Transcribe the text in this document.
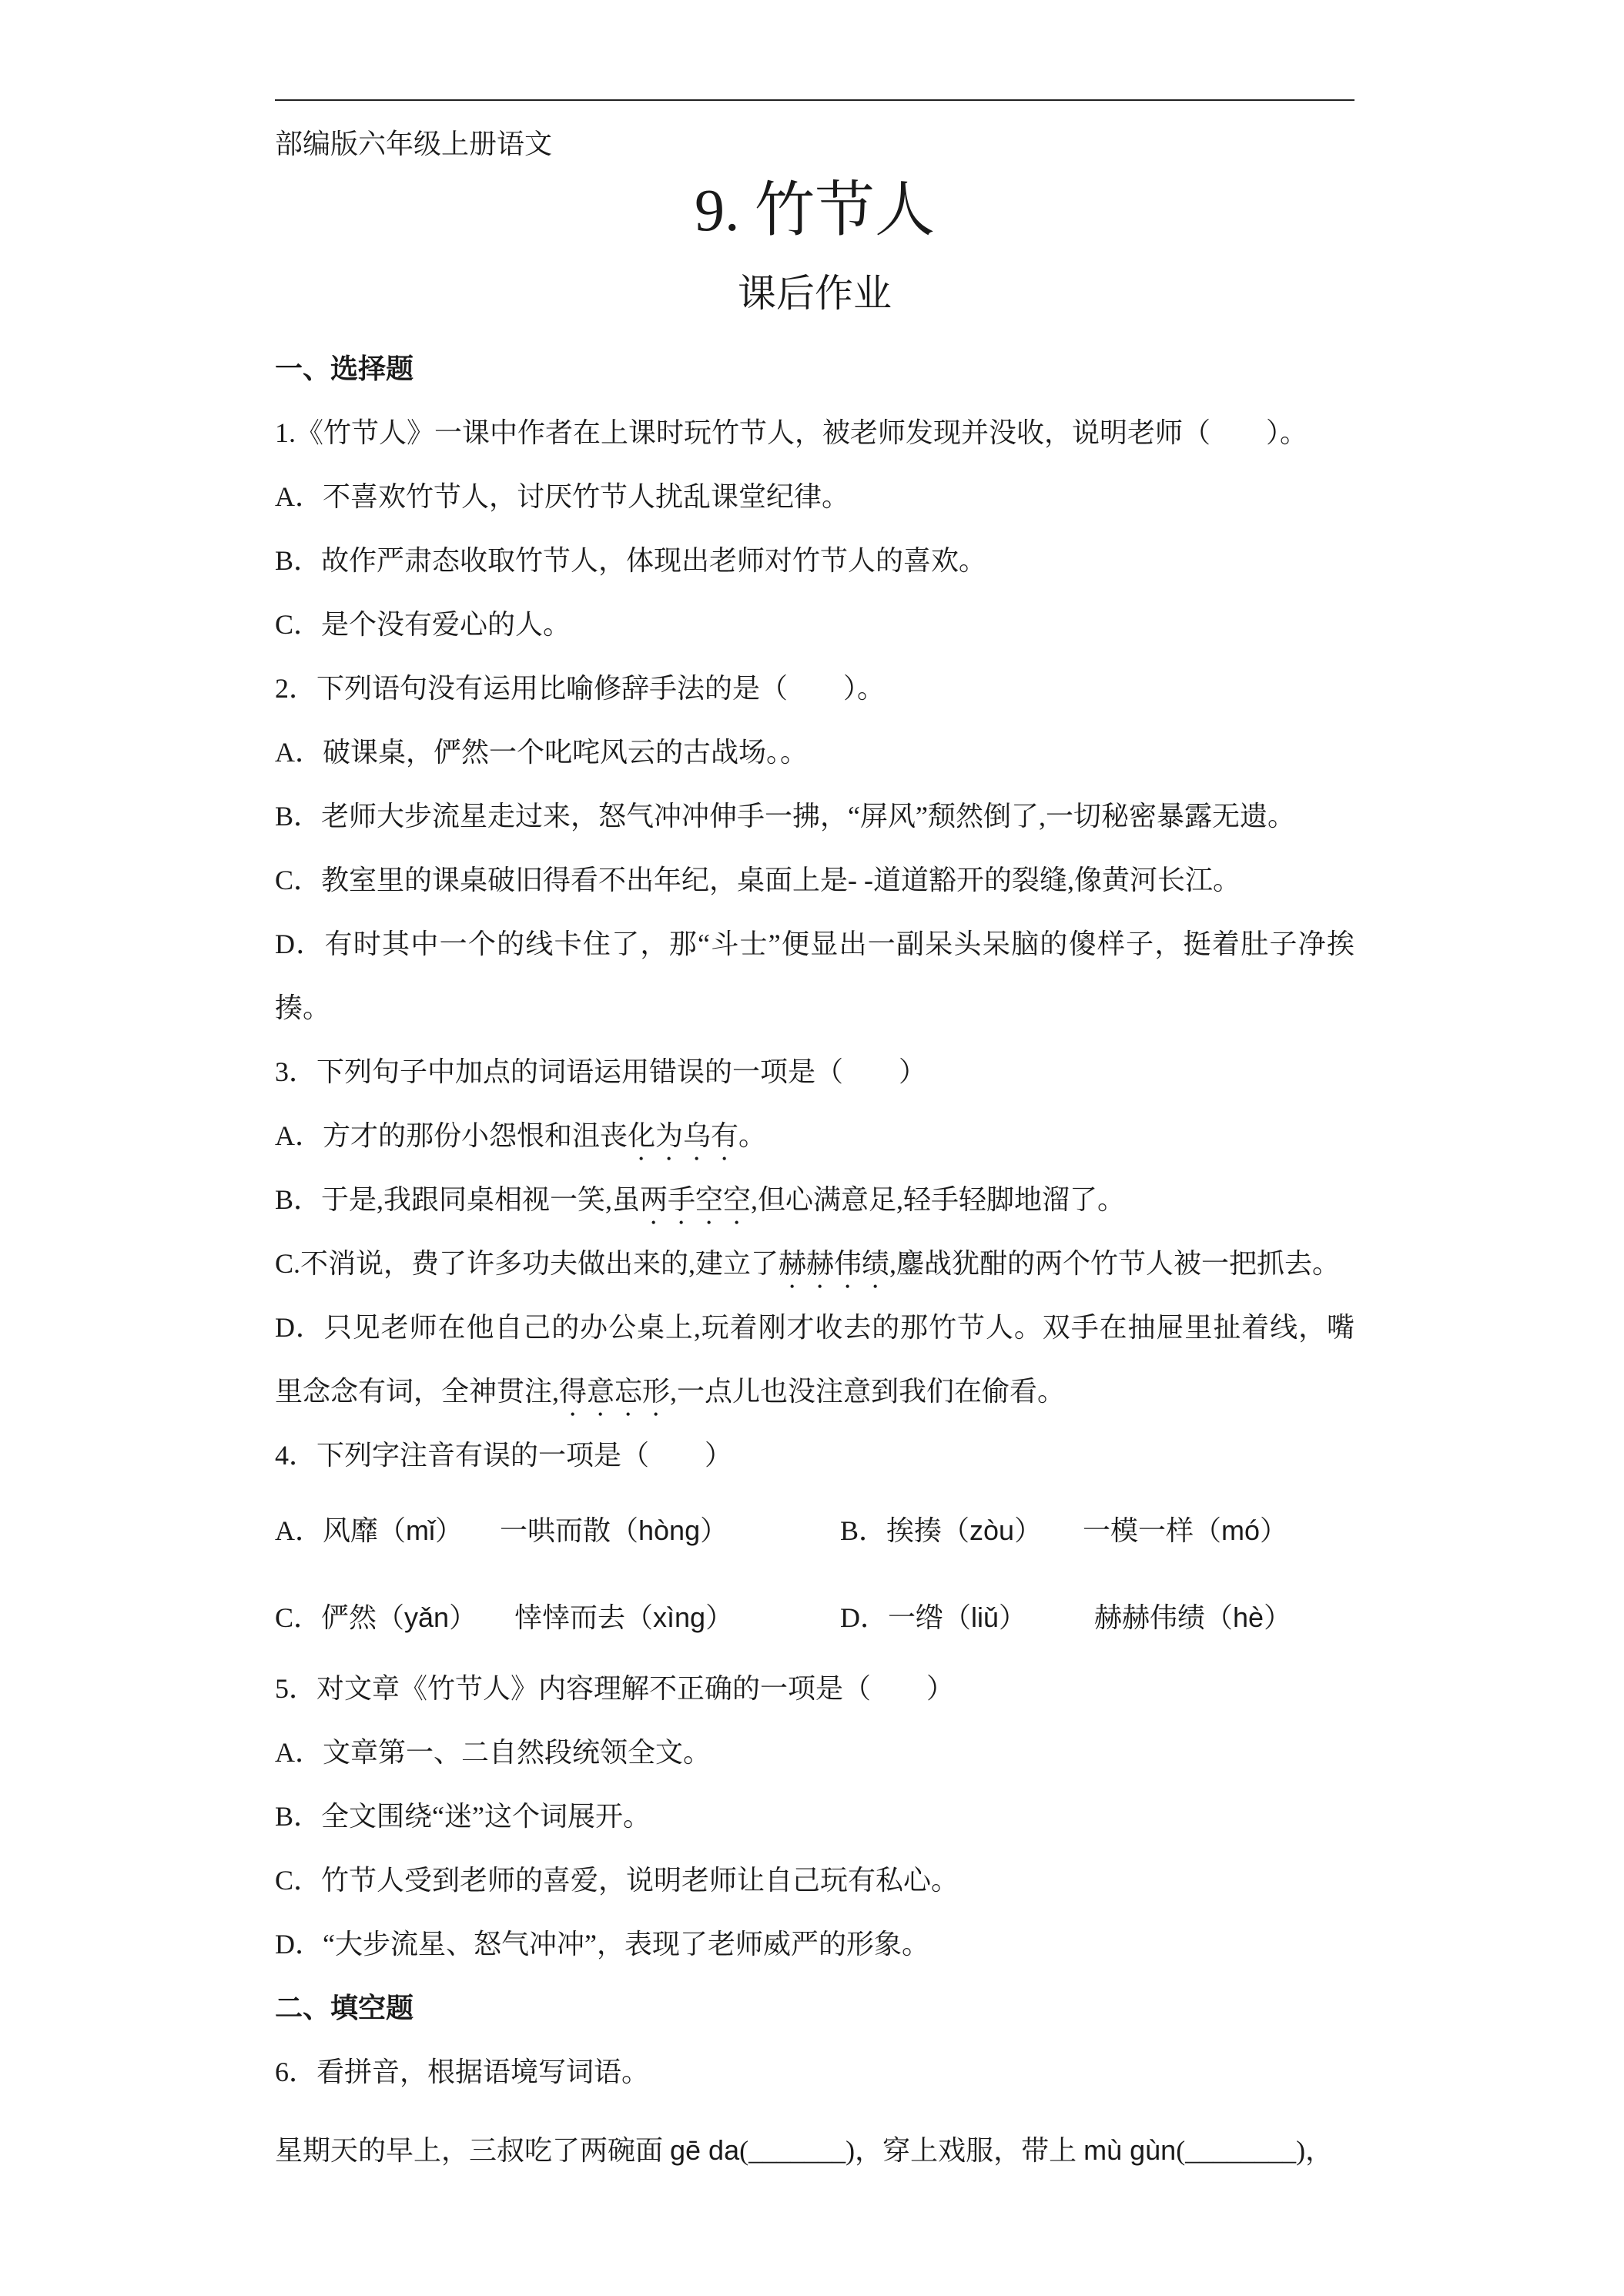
部编版六年级上册语文
9. 竹节人
课后作业
一、选择题
1.《竹节人》一课中作者在上课时玩竹节人，被老师发现并没收，说明老师（　　）。
A．不喜欢竹节人，讨厌竹节人扰乱课堂纪律。
B．故作严肃态收取竹节人，体现出老师对竹节人的喜欢。
C．是个没有爱心的人。
2．下列语句没有运用比喻修辞手法的是（　　）。
A．破课桌，俨然一个叱咤风云的古战场。。
B．老师大步流星走过来，怒气冲冲伸手一拂，“屏风”颓然倒了,一切秘密暴露无遗。
C．教室里的课桌破旧得看不出年纪，桌面上是- -道道豁开的裂缝,像黄河长江。
D．有时其中一个的线卡住了，那“斗士”便显出一副呆头呆脑的傻样子，挺着肚子净挨
揍。
3．下列句子中加点的词语运用错误的一项是（　　）
A．方才的那份小怨恨和沮丧化为乌有。
B．于是,我跟同桌相视一笑,虽两手空空,但心满意足,轻手轻脚地溜了。
C.不消说，费了许多功夫做出来的,建立了赫赫伟绩,鏖战犹酣的两个竹节人被一把抓去。
D．只见老师在他自己的办公桌上,玩着刚才收去的那竹节人。双手在抽屉里扯着线，嘴
里念念有词，全神贯注,得意忘形,一点儿也没注意到我们在偷看。
4．下列字注音有误的一项是（　　）
A．风靡（mǐ） 一哄而散（hòng）	B．挨揍（zòu） 一模一样（mó）
C．俨然（yǎn） 悻悻而去（xìng）	D．一绺（liǔ） 赫赫伟绩（hè）
5．对文章《竹节人》内容理解不正确的一项是（　　）
A．文章第一、二自然段统领全文。
B．全文围绕“迷”这个词展开。
C．竹节人受到老师的喜爱，说明老师让自己玩有私心。
D．“大步流星、怒气冲冲”，表现了老师威严的形象。
二、填空题
6．看拼音，根据语境写词语。
星期天的早上，三叔吃了两碗面 gē da(_______)，穿上戏服，带上 mù gùn(________)，
